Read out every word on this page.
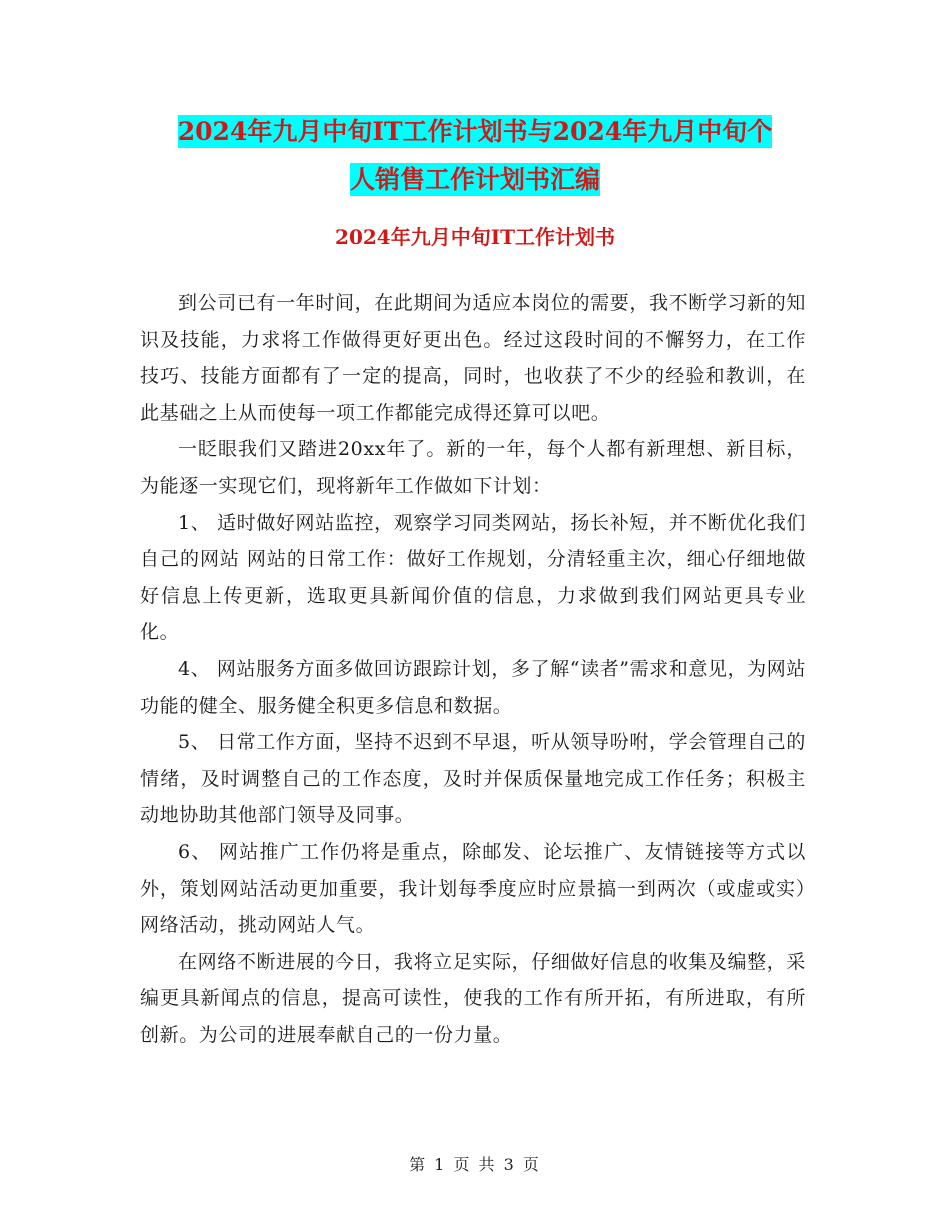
2024年九月中旬IT工作计划书与2024年九月中旬个
人销售工作计划书汇编
2024年九月中旬IT工作计划书

到公司已有一年时间，在此期间为适应本岗位的需要，我不断学习新的知识及技能，力求将工作做得更好更出色。经过这段时间的不懈努力，在工作技巧、技能方面都有了一定的提高，同时，也收获了不少的经验和教训，在此基础之上从而使每一项工作都能完成得还算可以吧。

一眨眼我们又踏进20xx年了。新的一年，每个人都有新理想、新目标，为能逐一实现它们，现将新年工作做如下计划：

1、 适时做好网站监控，观察学习同类网站，扬长补短，并不断优化我们自己的网站 网站的日常工作：做好工作规划，分清轻重主次，细心仔细地做好信息上传更新，选取更具新闻价值的信息，力求做到我们网站更具专业化。

4、 网站服务方面多做回访跟踪计划，多了解“读者”需求和意见，为网站功能的健全、服务健全积更多信息和数据。

5、 日常工作方面，坚持不迟到不早退，听从领导吩咐，学会管理自己的情绪，及时调整自己的工作态度，及时并保质保量地完成工作任务；积极主动地协助其他部门领导及同事。

6、 网站推广工作仍将是重点，除邮发、论坛推广、友情链接等方式以外，策划网站活动更加重要，我计划每季度应时应景搞一到两次（或虚或实）网络活动，挑动网站人气。

在网络不断进展的今日，我将立足实际，仔细做好信息的收集及编整，采编更具新闻点的信息，提高可读性，使我的工作有所开拓，有所进取，有所创新。为公司的进展奉献自己的一份力量。

第 1 页 共 3 页
